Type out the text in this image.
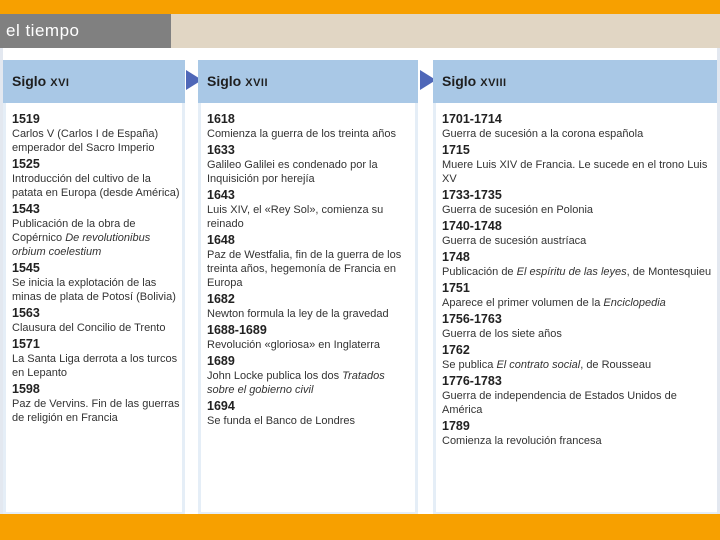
el tiempo
Siglo XVI
1519
Carlos V (Carlos I de España) emperador del Sacro Imperio
1525
Introducción del cultivo de la patata en Europa (desde América)
1543
Publicación de la obra de Copérnico De revolutionibus orbium coelestium
1545
Se inicia la explotación de las minas de plata de Potosí (Bolivia)
1563
Clausura del Concilio de Trento
1571
La Santa Liga derrota a los turcos en Lepanto
1598
Paz de Vervins. Fin de las guerras de religión en Francia
Siglo XVII
1618
Comienza la guerra de los treinta años
1633
Galileo Galilei es condenado por la Inquisición por herejía
1643
Luis XIV, el «Rey Sol», comienza su reinado
1648
Paz de Westfalia, fin de la guerra de los treinta años, hegemonía de Francia en Europa
1682
Newton formula la ley de la gravedad
1688-1689
Revolución «gloriosa» en Inglaterra
1689
John Locke publica los dos Tratados sobre el gobierno civil
1694
Se funda el Banco de Londres
Siglo XVIII
1701-1714
Guerra de sucesión a la corona española
1715
Muere Luis XIV de Francia. Le sucede en el trono Luis XV
1733-1735
Guerra de sucesión en Polonia
1740-1748
Guerra de sucesión austríaca
1748
Publicación de El espíritu de las leyes, de Montesquieu
1751
Aparece el primer volumen de la Enciclopedia
1756-1763
Guerra de los siete años
1762
Se publica El contrato social, de Rousseau
1776-1783
Guerra de independencia de Estados Unidos de América
1789
Comienza la revolución francesa
